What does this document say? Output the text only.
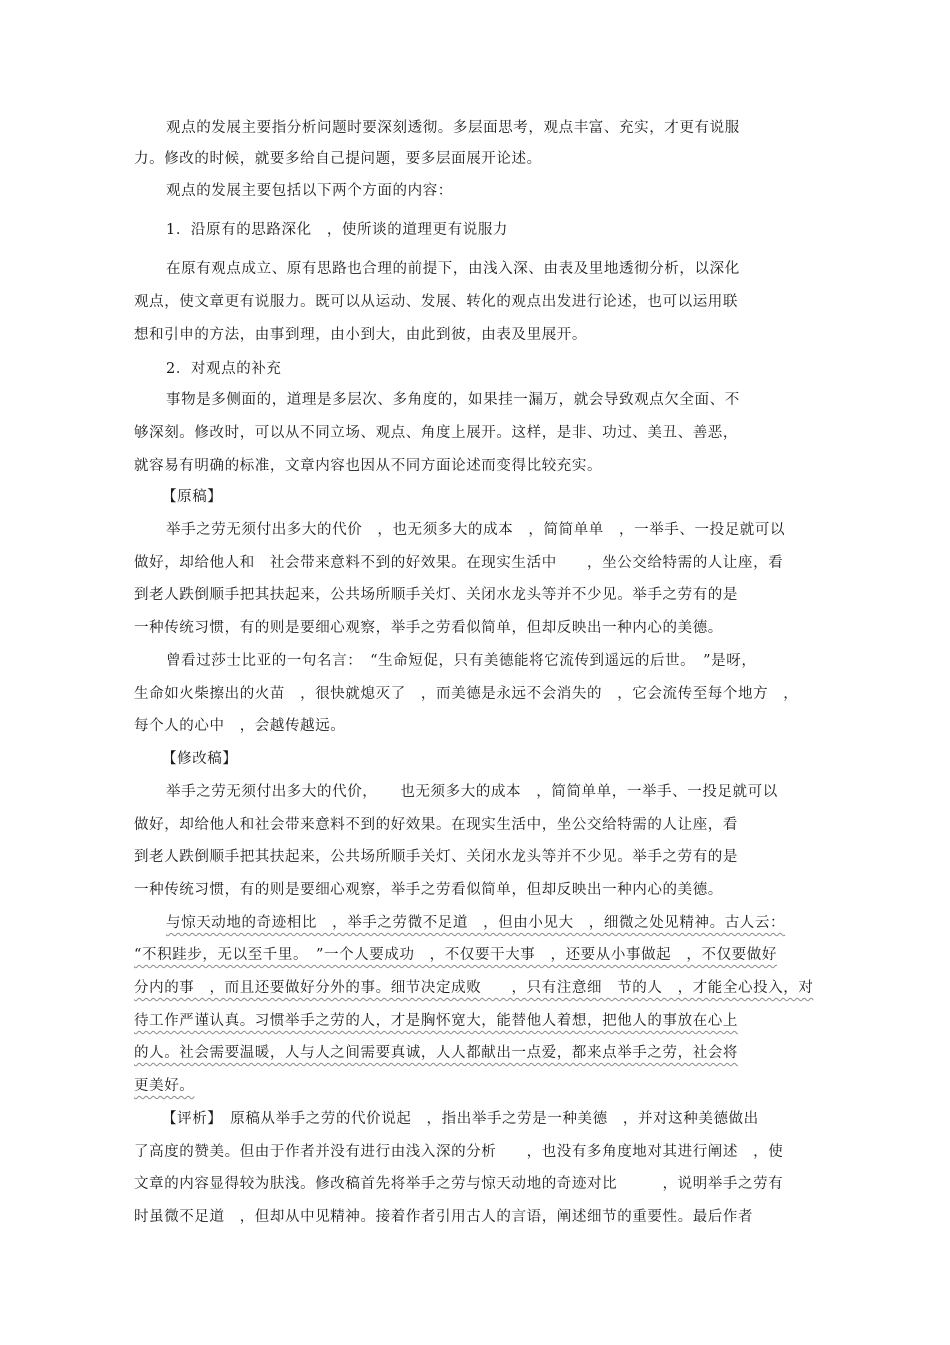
观点的发展主要指分析问题时要深刻透彻。多层面思考，观点丰富、充实，才更有说服
力。修改的时候，就要多给自己提问题，要多层面展开论述。
观点的发展主要包括以下两个方面的内容：
1．沿原有的思路深化　，使所谈的道理更有说服力
在原有观点成立、原有思路也合理的前提下，由浅入深、由表及里地透彻分析，以深化
观点，使文章更有说服力。既可以从运动、发展、转化的观点出发进行论述，也可以运用联
想和引申的方法，由事到理，由小到大，由此到彼，由表及里展开。
2．对观点的补充
事物是多侧面的，道理是多层次、多角度的，如果挂一漏万，就会导致观点欠全面、不
够深刻。修改时，可以从不同立场、观点、角度上展开。这样，是非、功过、美丑、善恶，
就容易有明确的标准，文章内容也因从不同方面论述而变得比较充实。
【原稿】
举手之劳无须付出多大的代价　，也无须多大的成本　，简简单单　，一举手、一投足就可以
做好，却给他人和　社会带来意料不到的好效果。在现实生活中　　，坐公交给特需的人让座，看
到老人跌倒顺手把其扶起来，公共场所顺手关灯、关闭水龙头等并不少见。举手之劳有的是
一种传统习惯，有的则是要细心观察，举手之劳看似简单，但却反映出一种内心的美德。
曾看过莎士比亚的一句名言：　“生命短促，只有美德能将它流传到遥远的后世。　”是呀，
生命如火柴擦出的火苗　，很快就熄灭了　，而美德是永远不会消失的　，它会流传至每个地方　，
每个人的心中　，会越传越远。
【修改稿】
举手之劳无须付出多大的代价，　　也无须多大的成本　，简简单单，一举手、一投足就可以
做好，却给他人和社会带来意料不到的好效果。在现实生活中，坐公交给特需的人让座，看
到老人跌倒顺手把其扶起来，公共场所顺手关灯、关闭水龙头等并不少见。举手之劳有的是
一种传统习惯，有的则是要细心观察，举手之劳看似简单，但却反映出一种内心的美德。
与惊天动地的奇迹相比　，举手之劳微不足道　，但由小见大　，细微之处见精神。古人云：
“不积跬步，无以至千里。　”一个人要成功　，不仅要干大事　，还要从小事做起　，不仅要做好
分内的事　，而且还要做好分外的事。细节决定成败　　，只有注意细　节的人　，才能全心投入，对
待工作严谨认真。习惯举手之劳的人，才是胸怀宽大，能替他人着想，把他人的事放在心上
的人。社会需要温暖，人与人之间需要真诚，人人都献出一点爱，都来点举手之劳，社会将
更美好。
【评析】　原稿从举手之劳的代价说起　，指出举手之劳是一种美德　，并对这种美德做出
了高度的赞美。但由于作者并没有进行由浅入深的分析　　，也没有多角度地对其进行阐述　，使
文章的内容显得较为肤浅。修改稿首先将举手之劳与惊天动地的奇迹对比　　　，说明举手之劳有
时虽微不足道　，但却从中见精神。接着作者引用古人的言语，阐述细节的重要性。最后作者
